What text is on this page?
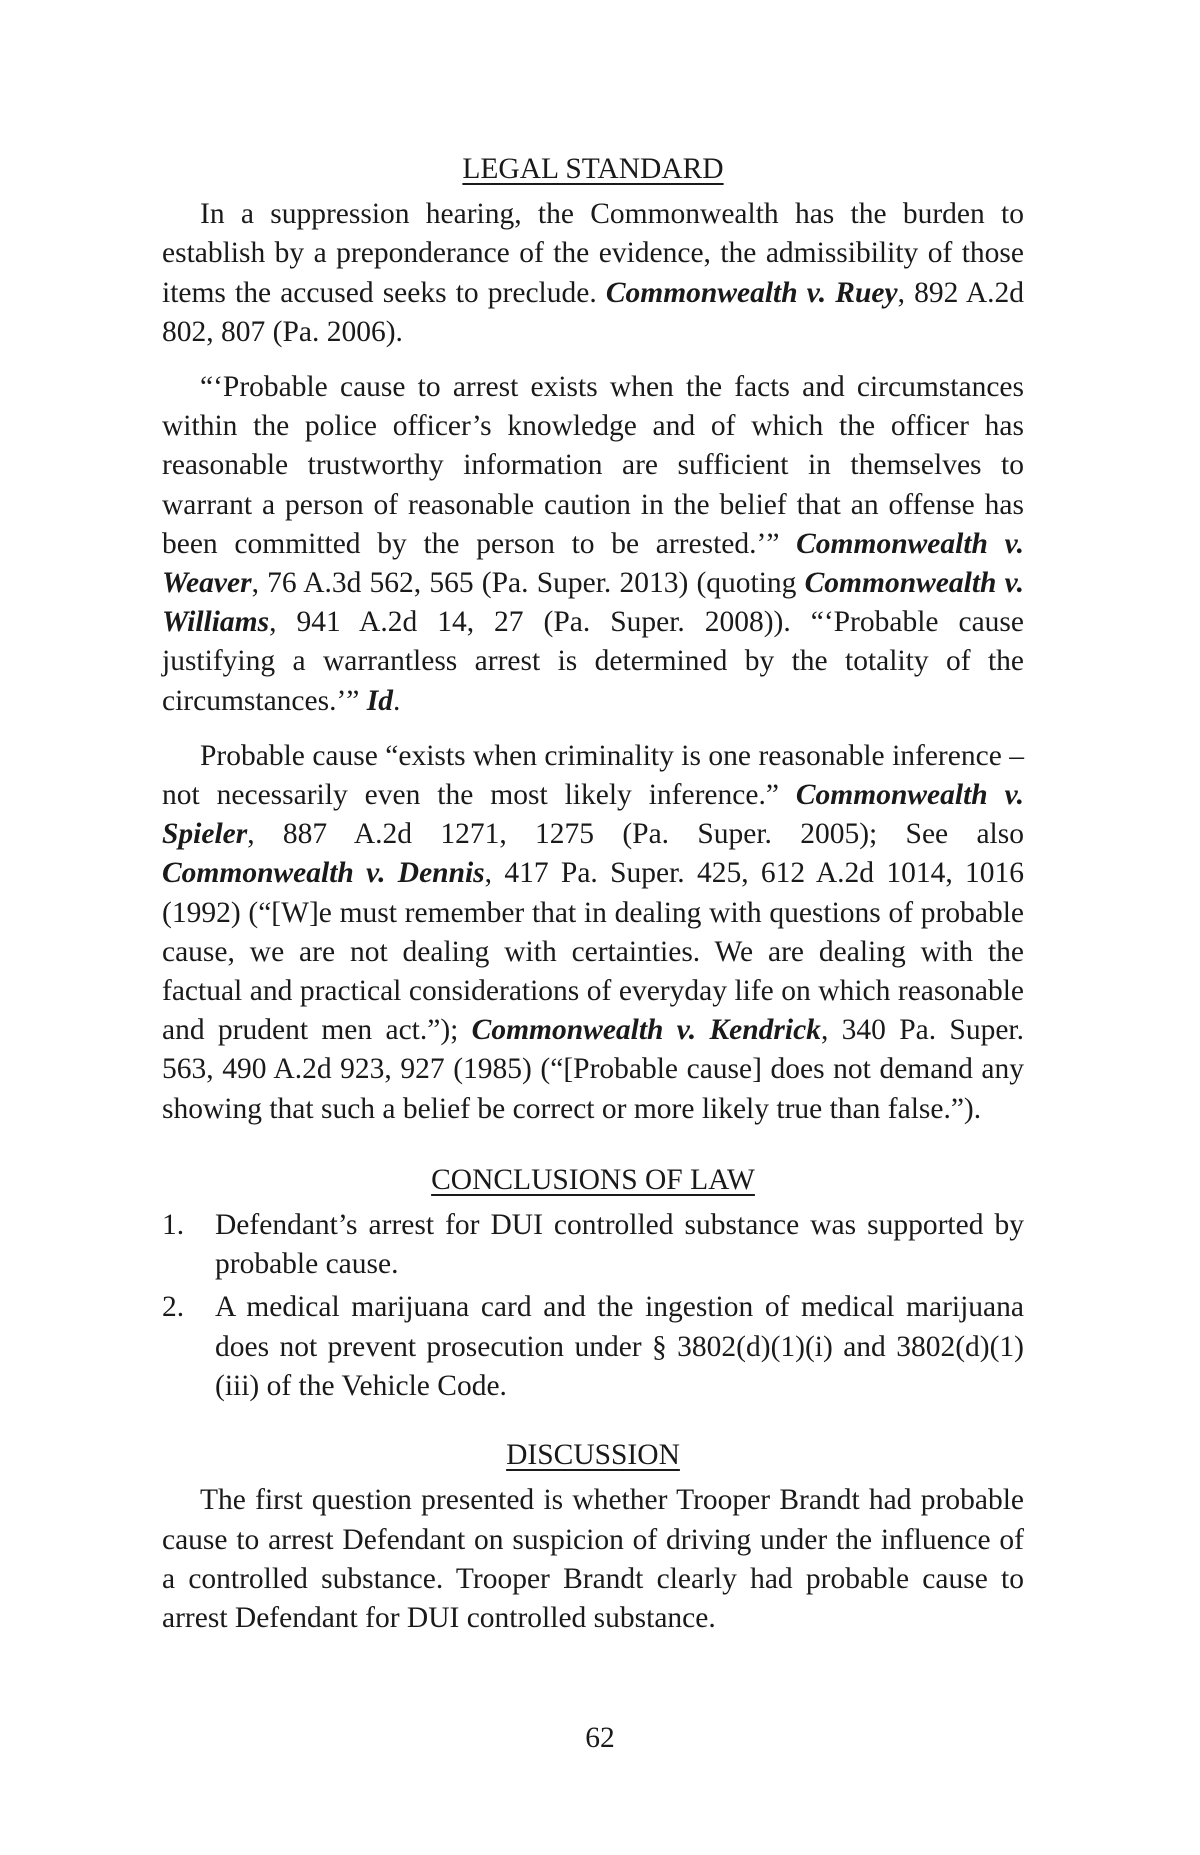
LEGAL STANDARD

In a suppression hearing, the Commonwealth has the burden to establish by a preponderance of the evidence, the admissibility of those items the accused seeks to preclude. Commonwealth v. Ruey, 892 A.2d 802, 807 (Pa. 2006).

“‘Probable cause to arrest exists when the facts and circumstances within the police officer’s knowledge and of which the officer has reasonable trustworthy information are sufficient in themselves to warrant a person of reasonable caution in the belief that an offense has been committed by the person to be arrested.’” Commonwealth v. Weaver, 76 A.3d 562, 565 (Pa. Super. 2013) (quoting Commonwealth v. Williams, 941 A.2d 14, 27 (Pa. Super. 2008)). “‘Probable cause justifying a warrantless arrest is determined by the totality of the circumstances.’” Id.

Probable cause “exists when criminality is one reasonable inference – not necessarily even the most likely inference.” Commonwealth v. Spieler, 887 A.2d 1271, 1275 (Pa. Super. 2005); See also Commonwealth v. Dennis, 417 Pa. Super. 425, 612 A.2d 1014, 1016 (1992) (“[W]e must remember that in dealing with questions of probable cause, we are not dealing with certainties. We are dealing with the factual and practical considerations of everyday life on which reasonable and prudent men act.”); Commonwealth v. Kendrick, 340 Pa. Super. 563, 490 A.2d 923, 927 (1985) (“[Probable cause] does not demand any showing that such a belief be correct or more likely true than false.”).

CONCLUSIONS OF LAW
1. Defendant’s arrest for DUI controlled substance was supported by probable cause.
2. A medical marijuana card and the ingestion of medical marijuana does not prevent prosecution under § 3802(d)(1)(i) and 3802(d)(1)(iii) of the Vehicle Code.
DISCUSSION

The first question presented is whether Trooper Brandt had probable cause to arrest Defendant on suspicion of driving under the influence of a controlled substance. Trooper Brandt clearly had probable cause to arrest Defendant for DUI controlled substance.

62
